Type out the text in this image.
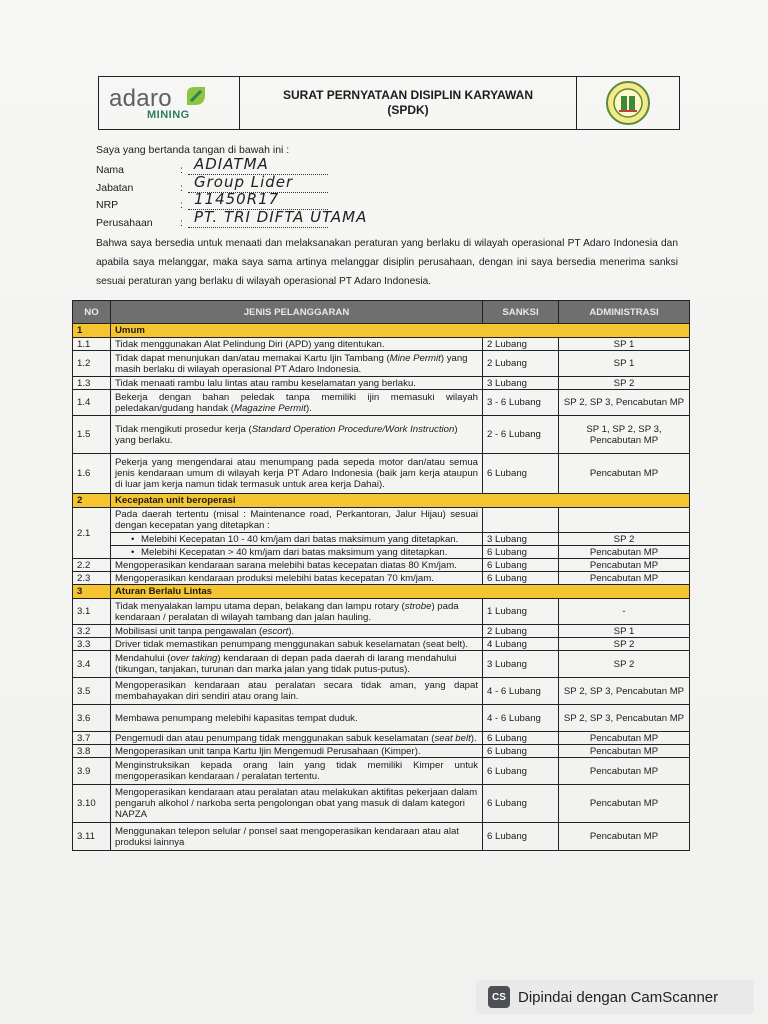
adaro
MINING
SURAT PERNYATAAN DISIPLIN KARYAWAN
(SPDK)
Saya yang bertanda tangan di bawah ini :
Nama	: ADIATMA
Jabatan	: Group Lider
NRP	: 11450R17
Perusahaan	: PT. TRI DIFTA UTAMA
Bahwa saya bersedia untuk menaati dan melaksanakan peraturan yang berlaku di wilayah operasional PT Adaro Indonesia dan apabila saya melanggar, maka saya sama artinya melanggar disiplin perusahaan, dengan ini saya bersedia menerima sanksi sesuai peraturan yang berlaku di wilayah operasional PT Adaro Indonesia.
NO	JENIS PELANGGARAN	SANKSI	ADMINISTRASI
1	Umum		
1.1	Tidak menggunakan Alat Pelindung Diri (APD) yang ditentukan.	2 Lubang	SP 1
1.2	Tidak dapat menunjukan dan/atau memakai Kartu Ijin Tambang (Mine Permit) yang masih berlaku di wilayah operasional PT Adaro Indonesia.	2 Lubang	SP 1
1.3	Tidak menaati rambu lalu lintas atau rambu keselamatan yang berlaku.	3 Lubang	SP 2
1.4	Bekerja dengan bahan peledak tanpa memiliki ijin memasuki wilayah peledakan/gudang handak (Magazine Permit).	3 - 6 Lubang	SP 2, SP 3, Pencabutan MP
1.5	Tidak mengikuti prosedur kerja (Standard Operation Procedure/Work Instruction) yang berlaku.	2 - 6 Lubang	SP 1, SP 2, SP 3, Pencabutan MP
1.6	Pekerja yang mengendarai atau menumpang pada sepeda motor dan/atau semua jenis kendaraan umum di wilayah kerja PT Adaro Indonesia (baik jam kerja ataupun di luar jam kerja namun tidak termasuk untuk area kerja Dahai).	6 Lubang	Pencabutan MP
2	Kecepatan unit beroperasi		
2.1	Pada daerah tertentu (misal : Maintenance road, Perkantoran, Jalur Hijau) sesuai dengan kecepatan yang ditetapkan :		
	• Melebihi Kecepatan 10 - 40 km/jam dari batas maksimum yang ditetapkan.	3 Lubang	SP 2
	• Melebihi Kecepatan > 40 km/jam dari batas maksimum yang ditetapkan.	6 Lubang	Pencabutan MP
2.2	Mengoperasikan kendaraan sarana melebihi batas kecepatan diatas 80 Km/jam.	6 Lubang	Pencabutan MP
2.3	Mengoperasikan kendaraan produksi melebihi batas kecepatan 70 km/jam.	6 Lubang	Pencabutan MP
3	Aturan Berlalu Lintas		
3.1	Tidak menyalakan lampu utama depan, belakang dan lampu rotary (strobe) pada kendaraan / peralatan di wilayah tambang dan jalan hauling.	1 Lubang	-
3.2	Mobilisasi unit tanpa pengawalan (escort).	2 Lubang	SP 1
3.3	Driver tidak memastikan penumpang menggunakan sabuk keselamatan (seat belt).	4 Lubang	SP 2
3.4	Mendahului (over taking) kendaraan di depan pada daerah di larang mendahului (tikungan, tanjakan, turunan dan marka jalan yang tidak putus-putus).	3 Lubang	SP 2
3.5	Mengoperasikan kendaraan atau peralatan secara tidak aman, yang dapat membahayakan diri sendiri atau orang lain.	4 - 6 Lubang	SP 2, SP 3, Pencabutan MP
3.6	Membawa penumpang melebihi kapasitas tempat duduk.	4 - 6 Lubang	SP 2, SP 3, Pencabutan MP
3.7	Pengemudi dan atau penumpang tidak menggunakan sabuk keselamatan (seat belt).	6 Lubang	Pencabutan MP
3.8	Mengoperasikan unit tanpa Kartu Ijin Mengemudi Perusahaan (Kimper).	6 Lubang	Pencabutan MP
3.9	Menginstruksikan kepada orang lain yang tidak memiliki Kimper untuk mengoperasikan kendaraan / peralatan tertentu.	6 Lubang	Pencabutan MP
3.10	Mengoperasikan kendaraan atau peralatan atau melakukan aktifitas pekerjaan dalam pengaruh alkohol / narkoba serta pengolongan obat yang masuk di dalam kategori NAPZA	6 Lubang	Pencabutan MP
3.11	Menggunakan telepon selular / ponsel saat mengoperasikan kendaraan atau alat produksi lainnya	6 Lubang	Pencabutan MP
CS Dipindai dengan CamScanner
